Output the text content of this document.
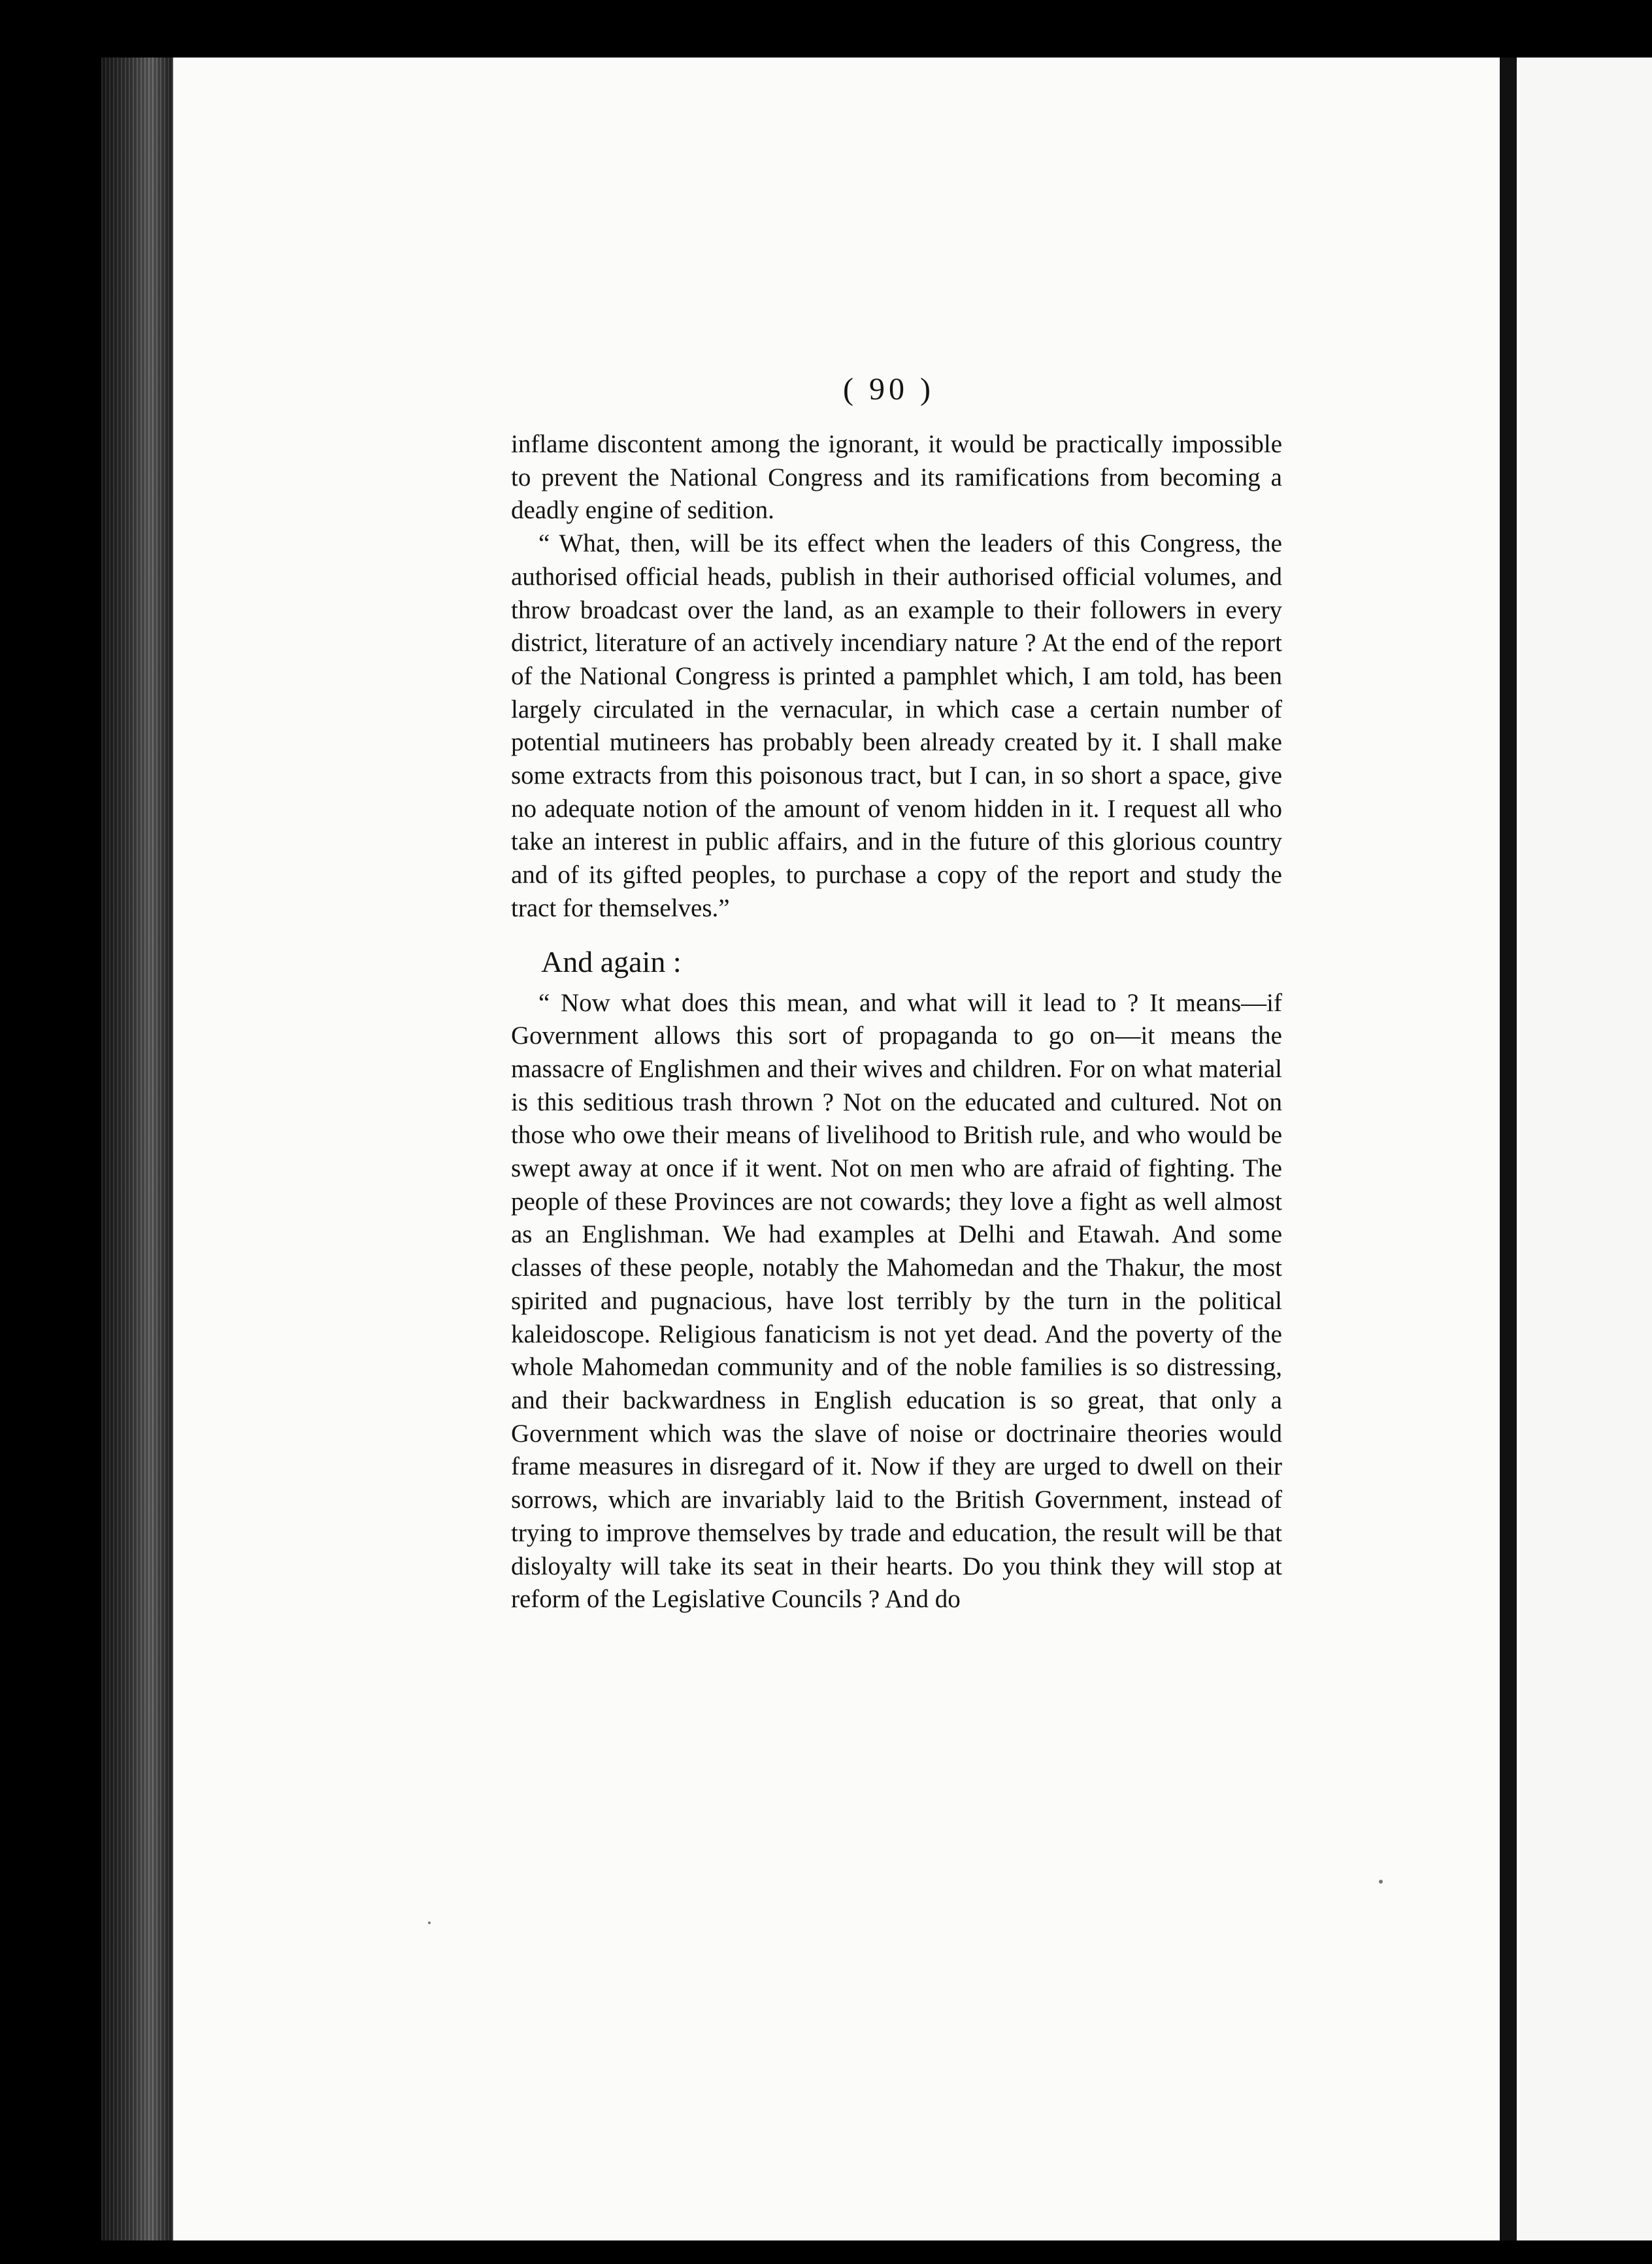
( 90 )

inflame discontent among the ignorant, it would be practically impossible to prevent the National Congress and its ramifications from becoming a deadly engine of sedition.

“ What, then, will be its effect when the leaders of this Congress, the authorised official heads, publish in their authorised official volumes, and throw broadcast over the land, as an example to their followers in every district, literature of an actively incendiary nature ? At the end of the report of the National Congress is printed a pamphlet which, I am told, has been largely circulated in the vernacular, in which case a certain number of potential mutineers has probably been already created by it. I shall make some extracts from this poisonous tract, but I can, in so short a space, give no adequate notion of the amount of venom hidden in it. I request all who take an interest in public affairs, and in the future of this glorious country and of its gifted peoples, to purchase a copy of the report and study the tract for themselves.”

And again :

“ Now what does this mean, and what will it lead to ? It means—if Government allows this sort of propaganda to go on—it means the massacre of Englishmen and their wives and children. For on what material is this seditious trash thrown ? Not on the educated and cultured. Not on those who owe their means of livelihood to British rule, and who would be swept away at once if it went. Not on men who are afraid of fighting. The people of these Provinces are not cowards; they love a fight as well almost as an Englishman. We had examples at Delhi and Etawah. And some classes of these people, notably the Mahomedan and the Thakur, the most spirited and pugnacious, have lost terribly by the turn in the political kaleidoscope. Religious fanaticism is not yet dead. And the poverty of the whole Mahomedan community and of the noble families is so distressing, and their backwardness in English education is so great, that only a Government which was the slave of noise or doctrinaire theories would frame measures in disregard of it. Now if they are urged to dwell on their sorrows, which are invariably laid to the British Government, instead of trying to improve themselves by trade and education, the result will be that disloyalty will take its seat in their hearts. Do you think they will stop at reform of the Legislative Councils ? And do
